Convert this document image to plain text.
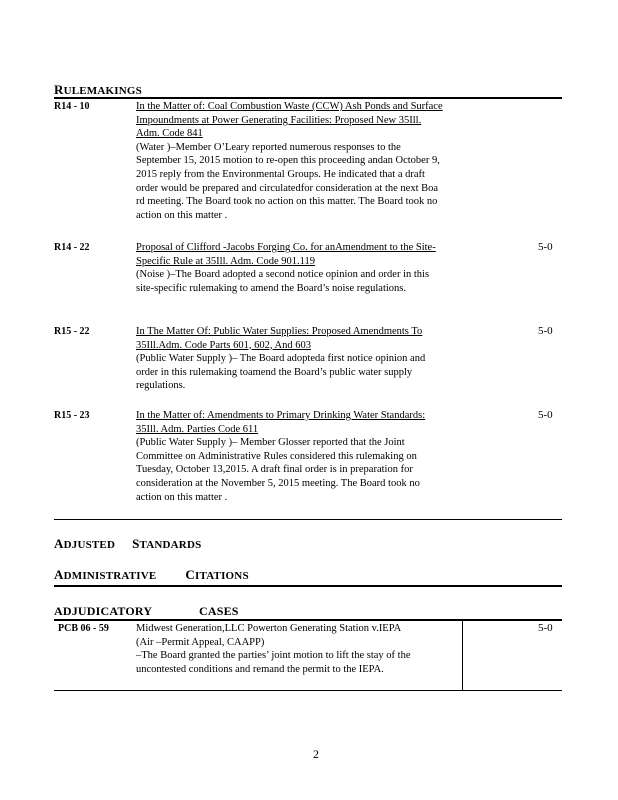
RULEMAKINGS
R14 - 10	In the Matter of: Coal Combustion Waste (CCW) Ash Ponds and Surface Impoundments at Power Generating Facilities: Proposed New 35Ill. Adm. Code 841
(Water )–Member O’Leary reported numerous responses to the September 15, 2015 motion to re-open this proceeding andan October 9, 2015 reply from the Environmental Groups. He indicated that a draft order would be prepared and circulatedfor consideration at the next Boa rd meeting. The Board took no action on this matter. The Board took no action on this matter .
R14 - 22	Proposal of Clifford -Jacobs Forging Co. for anAmendment to the Site-Specific Rule at 35Ill. Adm. Code 901.119
(Noise )–The Board adopted a second notice opinion and order in this site-specific rulemaking to amend the Board’s noise regulations.
5-0
R15 - 22	In The Matter Of: Public Water Supplies: Proposed Amendments To 35Ill.Adm. Code Parts 601, 602, And 603
(Public Water Supply )– The Board adopteda first notice opinion and order in this rulemaking toamend the Board’s public water supply regulations.
5-0
R15 - 23	In the Matter of: Amendments to Primary Drinking Water Standards: 35Ill. Adm. Parties Code 611
(Public Water Supply )– Member Glosser reported that the Joint Committee on Administrative Rules considered this rulemaking on Tuesday, October 13,2015. A draft final order is in preparation for consideration at the November 5, 2015 meeting. The Board took no action on this matter .
5-0
ADJUSTED STANDARDS
ADMINISTRATIVE CITATIONS
ADJUDICATORY	CASES
PCB 06 - 59	Midwest Generation,LLC Powerton Generating Station v.IEPA
(Air –Permit Appeal, CAAPP)
–The Board granted the parties’ joint motion to lift the stay of the uncontested conditions and remand the permit to the IEPA.
5-0
2
